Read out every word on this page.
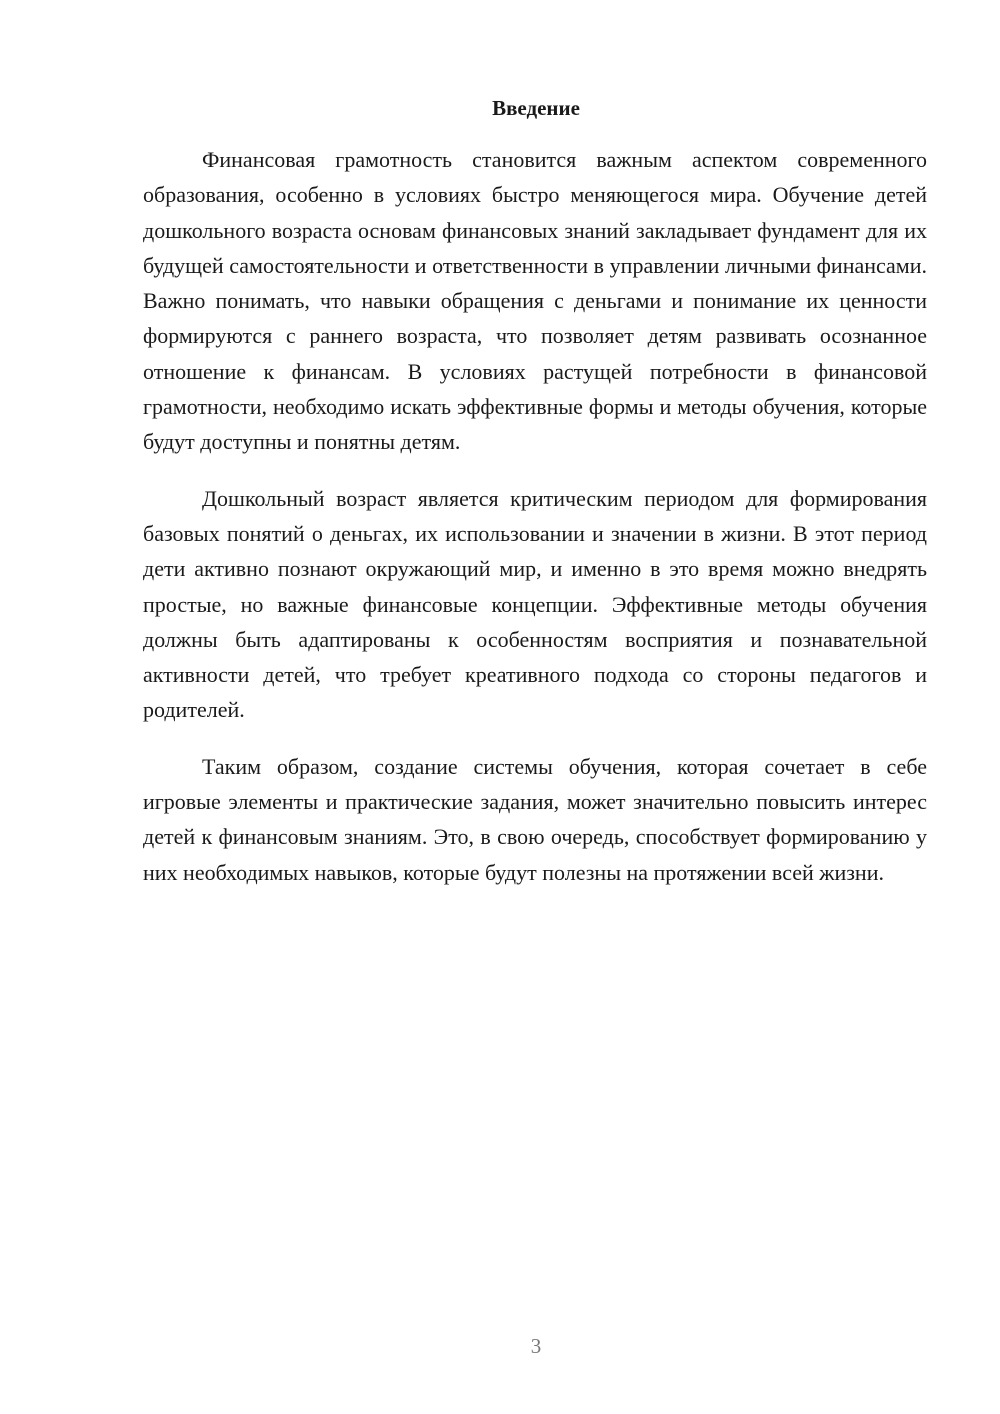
Введение

Финансовая грамотность становится важным аспектом современного образования, особенно в условиях быстро меняющегося мира. Обучение детей дошкольного возраста основам финансовых знаний закладывает фундамент для их будущей самостоятельности и ответственности в управлении личными финансами. Важно понимать, что навыки обращения с деньгами и понимание их ценности формируются с раннего возраста, что позволяет детям развивать осознанное отношение к финансам. В условиях растущей потребности в финансовой грамотности, необходимо искать эффективные формы и методы обучения, которые будут доступны и понятны детям.

Дошкольный возраст является критическим периодом для формирования базовых понятий о деньгах, их использовании и значении в жизни. В этот период дети активно познают окружающий мир, и именно в это время можно внедрять простые, но важные финансовые концепции. Эффективные методы обучения должны быть адаптированы к особенностям восприятия и познавательной активности детей, что требует креативного подхода со стороны педагогов и родителей.

Таким образом, создание системы обучения, которая сочетает в себе игровые элементы и практические задания, может значительно повысить интерес детей к финансовым знаниям. Это, в свою очередь, способствует формированию у них необходимых навыков, которые будут полезны на протяжении всей жизни.

3
